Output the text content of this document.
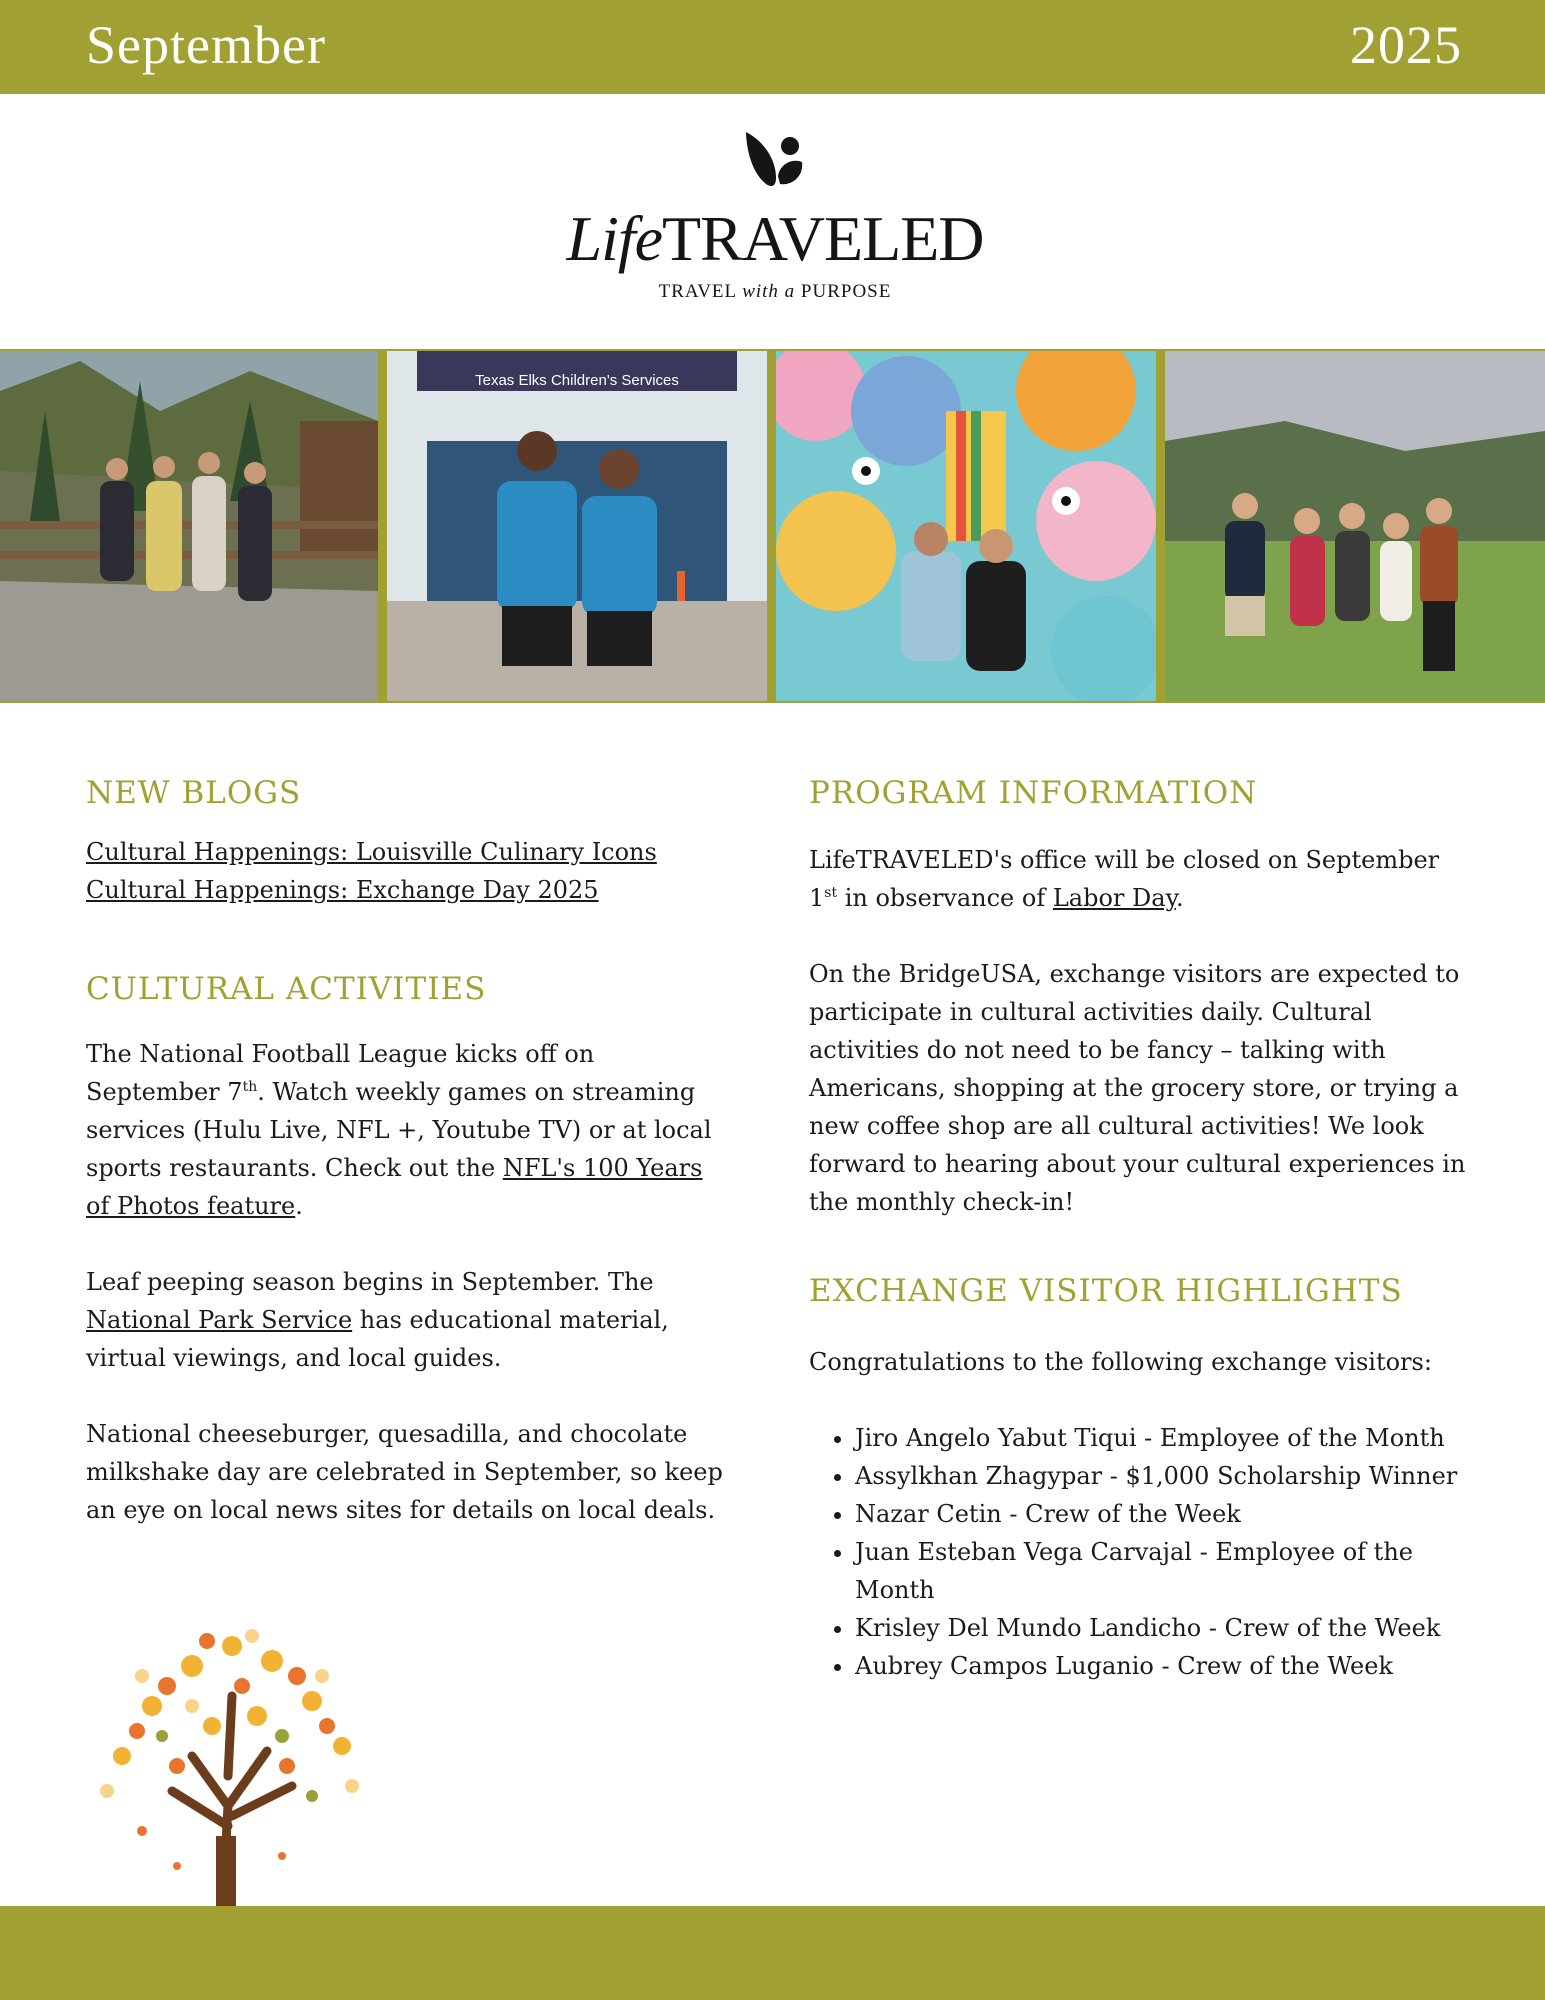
September	2025
LifeTRAVELED
TRAVEL with a PURPOSE
Texas Elks Children's Services
NEW BLOGS

Cultural Happenings: Louisville Culinary Icons

Cultural Happenings: Exchange Day 2025

CULTURAL ACTIVITIES

The National Football League kicks off on September 7th. Watch weekly games on streaming services (Hulu Live, NFL +, Youtube TV) or at local sports restaurants. Check out the NFL's 100 Years of Photos feature.

Leaf peeping season begins in September. The National Park Service has educational material, virtual viewings, and local guides.

National cheeseburger, quesadilla, and chocolate milkshake day are celebrated in September, so keep an eye on local news sites for details on local deals.

PROGRAM INFORMATION

LifeTRAVELED's office will be closed on September 1st in observance of Labor Day.

On the BridgeUSA, exchange visitors are expected to participate in cultural activities daily. Cultural activities do not need to be fancy – talking with Americans, shopping at the grocery store, or trying a new coffee shop are all cultural activities! We look forward to hearing about your cultural experiences in the monthly check-in!

EXCHANGE VISITOR HIGHLIGHTS

Congratulations to the following exchange visitors:

• Jiro Angelo Yabut Tiqui - Employee of the Month
• Assylkhan Zhagypar - $1,000 Scholarship Winner
• Nazar Cetin - Crew of the Week
• Juan Esteban Vega Carvajal - Employee of the Month
• Krisley Del Mundo Landicho - Crew of the Week
• Aubrey Campos Luganio - Crew of the Week
